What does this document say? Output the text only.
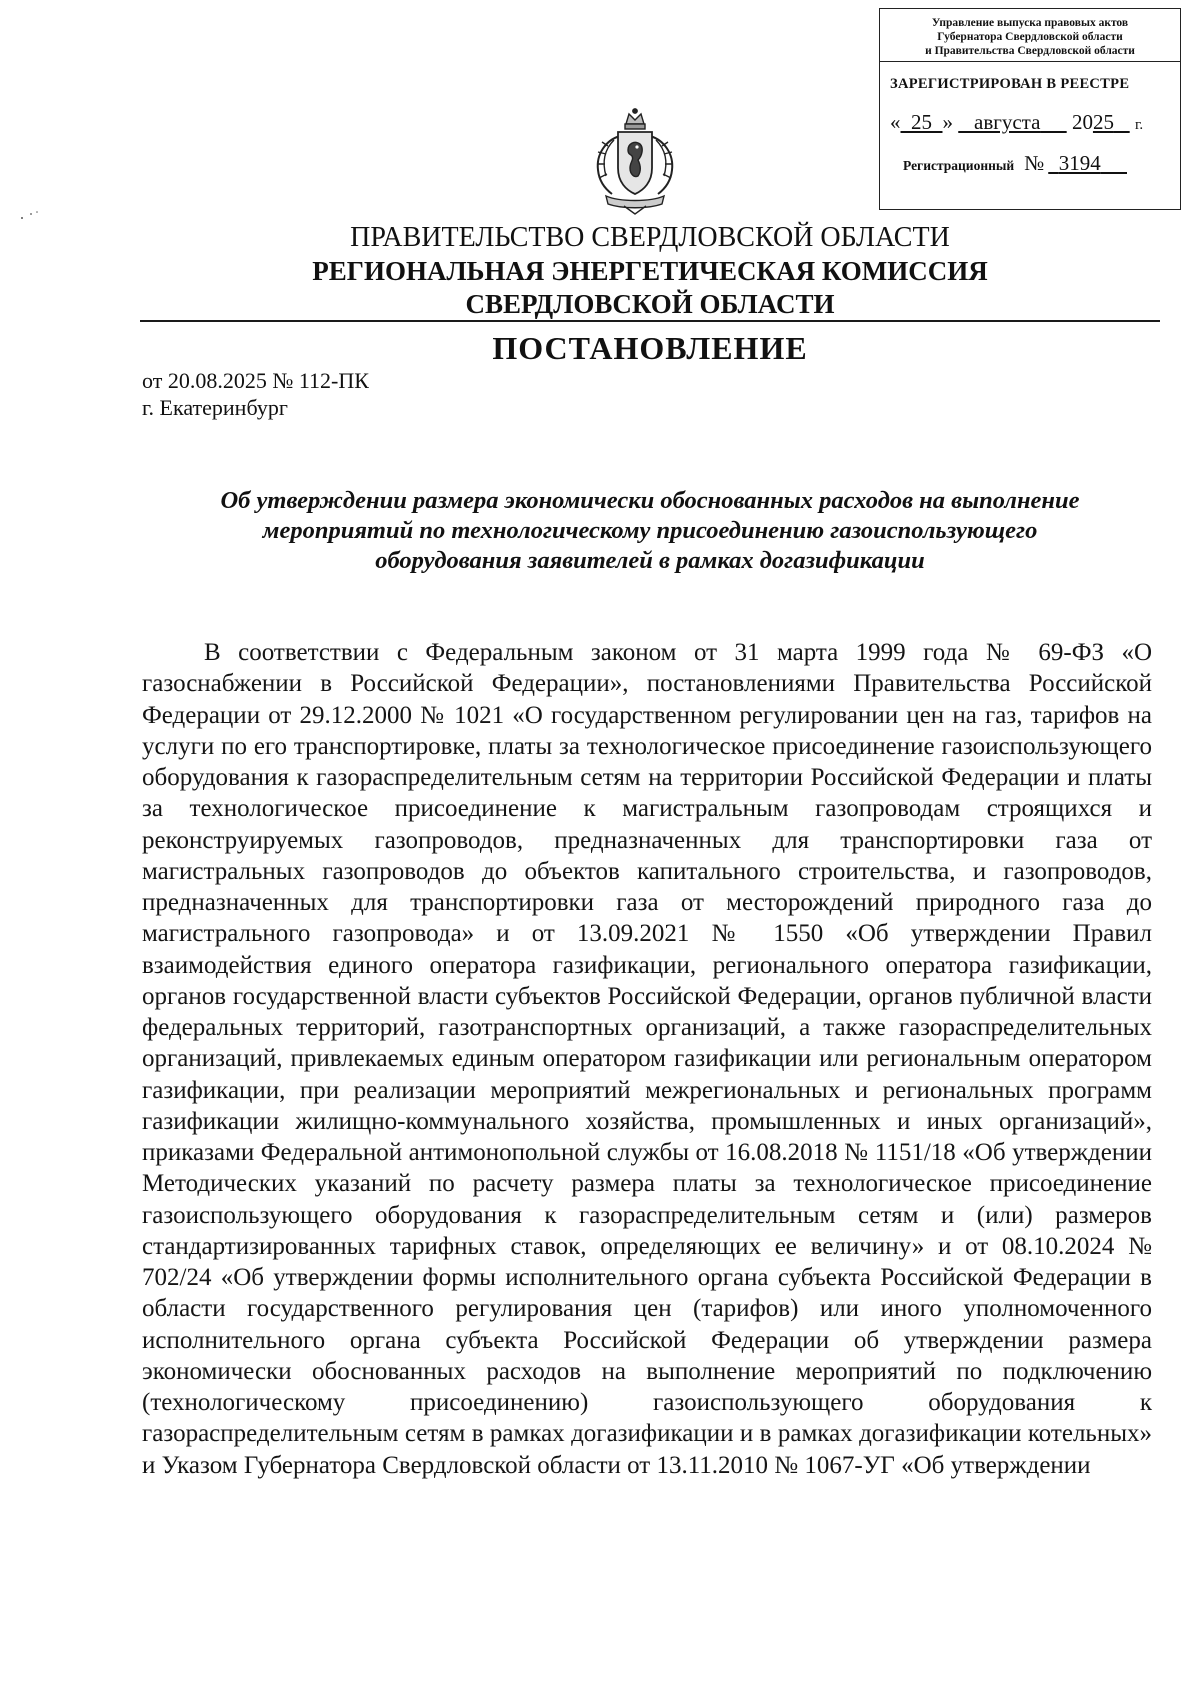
Управление выпуска правовых актов
Губернатора Свердловской области
и Правительства Свердловской области
ЗАРЕГИСТРИРОВАН В РЕЕСТРЕ
« 25 » августа 2025 г.
Регистрационный № 3194
ПРАВИТЕЛЬСТВО СВЕРДЛОВСКОЙ ОБЛАСТИ
РЕГИОНАЛЬНАЯ ЭНЕРГЕТИЧЕСКАЯ КОМИССИЯ
СВЕРДЛОВСКОЙ ОБЛАСТИ
ПОСТАНОВЛЕНИЕ
от 20.08.2025 № 112-ПК
г. Екатеринбург
Об утверждении размера экономически обоснованных расходов на выполнение
мероприятий по технологическому присоединению газоиспользующего
оборудования заявителей в рамках догазификации
В соответствии с Федеральным законом от 31 марта 1999 года № 69-ФЗ «О газоснабжении в Российской Федерации», постановлениями Правительства Российской Федерации от 29.12.2000 № 1021 «О государственном регулировании цен на газ, тарифов на услуги по его транспортировке, платы за технологическое присоединение газоиспользующего оборудования к газораспределительным сетям на территории Российской Федерации и платы за технологическое присоединение к магистральным газопроводам строящихся и реконструируемых газопроводов, предназначенных для транспортировки газа от магистральных газопроводов до объектов капитального строительства, и газопроводов, предназначенных для транспортировки газа от месторождений природного газа до магистрального газопровода» и от 13.09.2021 № 1550 «Об утверждении Правил взаимодействия единого оператора газификации, регионального оператора газификации, органов государственной власти субъектов Российской Федерации, органов публичной власти федеральных территорий, газотранспортных организаций, а также газораспределительных организаций, привлекаемых единым оператором газификации или региональным оператором газификации, при реализации мероприятий межрегиональных и региональных программ газификации жилищно-коммунального хозяйства, промышленных и иных организаций», приказами Федеральной антимонопольной службы от 16.08.2018 № 1151/18 «Об утверждении Методических указаний по расчету размера платы за технологическое присоединение газоиспользующего оборудования к газораспределительным сетям и (или) размеров стандартизированных тарифных ставок, определяющих ее величину» и от 08.10.2024 № 702/24 «Об утверждении формы исполнительного органа субъекта Российской Федерации в области государственного регулирования цен (тарифов) или иного уполномоченного исполнительного органа субъекта Российской Федерации об утверждении размера экономически обоснованных расходов на выполнение мероприятий по подключению (технологическому присоединению) газоиспользующего оборудования к газораспределительным сетям в рамках догазификации и в рамках догазификации котельных» и Указом Губернатора Свердловской области от 13.11.2010 № 1067-УГ «Об утверждении
